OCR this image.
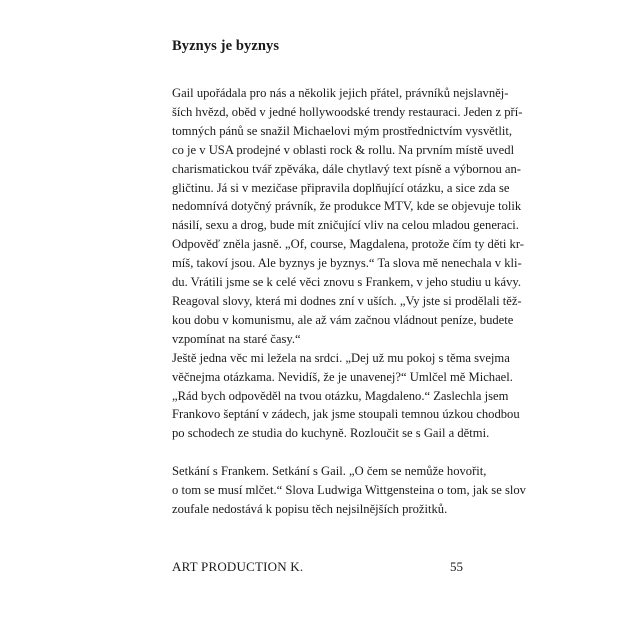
Byznys je byznys

Gail upořádala pro nás a několik jejich přátel, právníků nejslavněj-
ších hvězd, oběd v jedné hollywoodské trendy restauraci. Jeden z pří-
tomných pánů se snažil Michaelovi mým prostřednictvím vysvětlit,
co je v USA prodejné v oblasti rock & rollu. Na prvním místě uvedl
charismatickou tvář zpěváka, dále chytlavý text písně a výbornou an-
gličtinu. Já si v mezičase připravila doplňující otázku, a sice zda se
nedomnívá dotyčný právník, že produkce MTV, kde se objevuje tolik
násilí, sexu a drog, bude mít zničující vliv na celou mladou generaci.
Odpověď zněla jasně. „Of, course, Magdalena, protože čím ty děti kr-
míš, takoví jsou. Ale byznys je byznys.“ Ta slova mě nenechala v kli-
du. Vrátili jsme se k celé věci znovu s Frankem, v jeho studiu u kávy.
Reagoval slovy, která mi dodnes zní v uších. „Vy jste si prodělali těž-
kou dobu v komunismu, ale až vám začnou vládnout peníze, budete
vzpomínat na staré časy.“

Ještě jedna věc mi ležela na srdci. „Dej už mu pokoj s těma svejma
věčnejma otázkama. Nevidíš, že je unavenej?“ Umlčel mě Michael.
„Rád bych odpověděl na tvou otázku, Magdaleno.“ Zaslechla jsem
Frankovo šeptání v zádech, jak jsme stoupali temnou úzkou chodbou
po schodech ze studia do kuchyně. Rozloučit se s Gail a dětmi.

Setkání s Frankem. Setkání s Gail. „O čem se nemůže hovořit,
o tom se musí mlčet.“ Slova Ludwiga Wittgensteina o tom, jak se slov
zoufale nedostává k popisu těch nejsilnějších prožitků.

ART PRODUCTION K.	55
